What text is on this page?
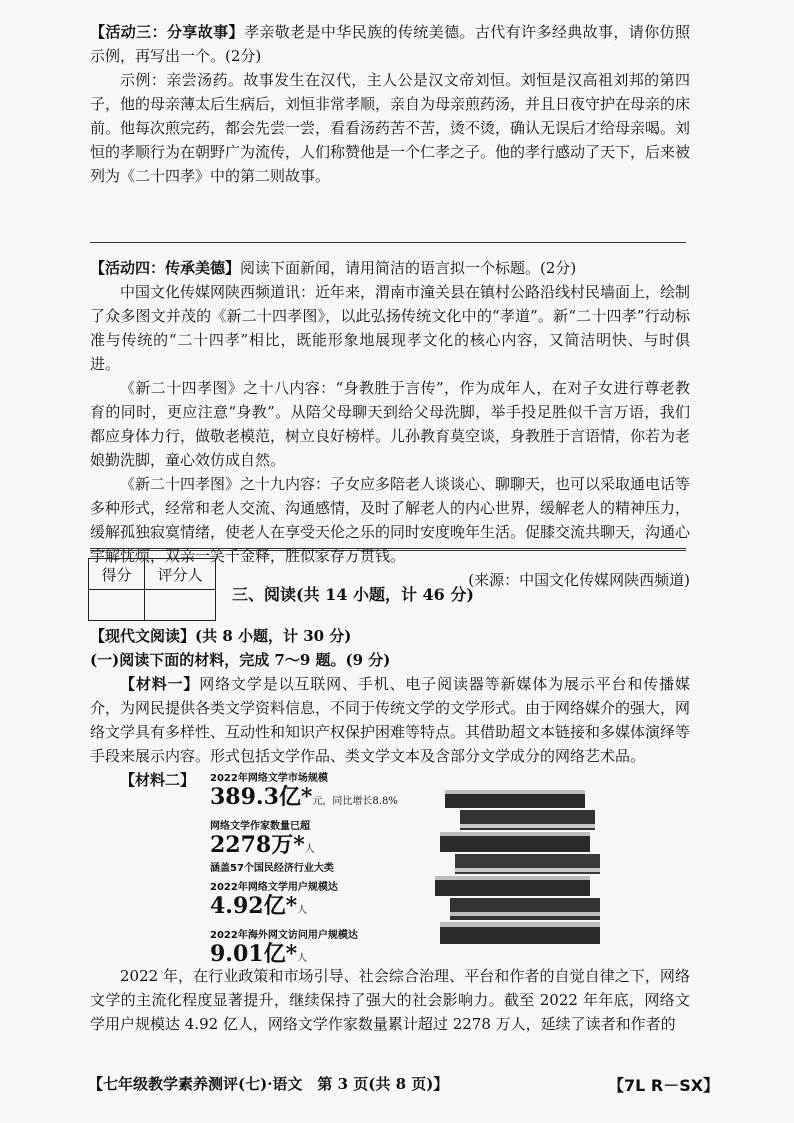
【活动三：分享故事】孝亲敬老是中华民族的传统美德。古代有许多经典故事，请你仿照示例，再写出一个。(2分)

示例：亲尝汤药。故事发生在汉代，主人公是汉文帝刘恒。刘恒是汉高祖刘邦的第四子，他的母亲薄太后生病后，刘恒非常孝顺，亲自为母亲煎药汤，并且日夜守护在母亲的床前。他每次煎完药，都会先尝一尝，看看汤药苦不苦，烫不烫，确认无误后才给母亲喝。刘恒的孝顺行为在朝野广为流传，人们称赞他是一个仁孝之子。他的孝行感动了天下，后来被列为《二十四孝》中的第二则故事。

【活动四：传承美德】阅读下面新闻，请用简洁的语言拟一个标题。(2分)

中国文化传媒网陕西频道讯：近年来，渭南市潼关县在镇村公路沿线村民墙面上，绘制了众多图文并茂的《新二十四孝图》，以此弘扬传统文化中的“孝道”。新“二十四孝”行动标准与传统的“二十四孝”相比，既能形象地展现孝文化的核心内容，又简洁明快、与时俱进。

《新二十四孝图》之十八内容：“身教胜于言传”，作为成年人，在对子女进行尊老教育的同时，更应注意“身教”。从陪父母聊天到给父母洗脚，举手投足胜似千言万语，我们都应身体力行，做敬老模范，树立良好榜样。儿孙教育莫空谈，身教胜于言语情，你若为老娘勤洗脚，童心效仿成自然。

《新二十四孝图》之十九内容：子女应多陪老人谈谈心、聊聊天，也可以采取通电话等多种形式，经常和老人交流、沟通感情，及时了解老人的内心世界，缓解老人的精神压力，缓解孤独寂寞情绪，使老人在享受天伦之乐的同时安度晚年生活。促膝交流共聊天，沟通心宇解忧烦，双亲一笑千金释，胜似家存万贯钱。

(来源：中国文化传媒网陕西频道)

得分	评分人

三、阅读(共 14 小题，计 46 分)

【现代文阅读】(共 8 小题，计 30 分)

(一)阅读下面的材料，完成 7～9 题。(9 分)

【材料一】网络文学是以互联网、手机、电子阅读器等新媒体为展示平台和传播媒介，为网民提供各类文学资料信息，不同于传统文学的文学形式。由于网络媒介的强大，网络文学具有多样性、互动性和知识产权保护困难等特点。其借助超文本链接和多媒体演绎等手段来展示内容。形式包括文学作品、类文学文本及含部分文学成分的网络艺术品。

【材料二】	2022年网络文学市场规模
389.3亿*元，同比增长8.8%
网络文学作家数量已超
2278万*人
涵盖57个国民经济行业大类
2022年网络文学用户规模达
4.92亿*人
2022年海外网文访问用户规模达
9.01亿*人

2022 年，在行业政策和市场引导、社会综合治理、平台和作者的自觉自律之下，网络文学的主流化程度显著提升，继续保持了强大的社会影响力。截至 2022 年年底，网络文学用户规模达 4.92 亿人，网络文学作家数量累计超过 2278 万人，延续了读者和作者的

【七年级教学素养测评(七)·语文　第 3 页(共 8 页)】	【7L R－SX】
